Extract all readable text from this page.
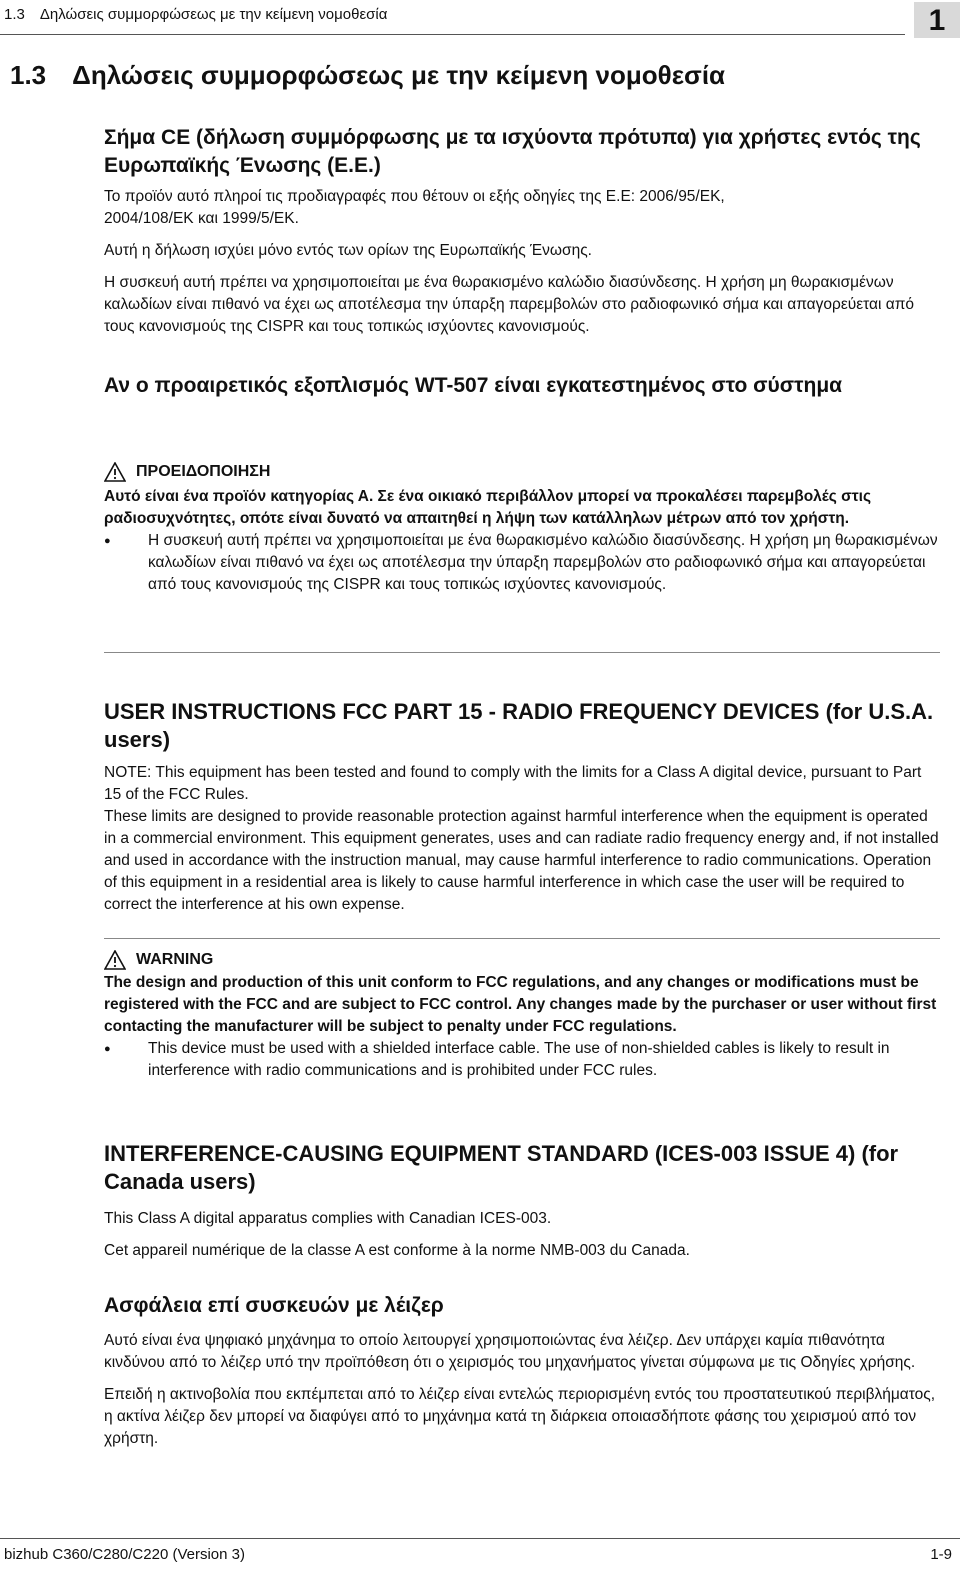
1.3 Δηλώσεις συμμορφώσεως με την κείμενη νομοθεσία	1
1.3 Δηλώσεις συμμορφώσεως με την κείμενη νομοθεσία
Σήμα CE (δήλωση συμμόρφωσης με τα ισχύοντα πρότυπα) για χρήστες εντός της Ευρωπαϊκής Ένωσης (Ε.Ε.)

Το προϊόν αυτό πληροί τις προδιαγραφές που θέτουν οι εξής οδηγίες της Ε.Ε: 2006/95/ΕΚ, 2004/108/ΕΚ και 1999/5/ΕΚ.

Αυτή η δήλωση ισχύει μόνο εντός των ορίων της Ευρωπαϊκής Ένωσης.

Η συσκευή αυτή πρέπει να χρησιμοποιείται με ένα θωρακισμένο καλώδιο διασύνδεσης. Η χρήση μη θωρακισμένων καλωδίων είναι πιθανό να έχει ως αποτέλεσμα την ύπαρξη παρεμβολών στο ραδιοφωνικό σήμα και απαγορεύεται από τους κανονισμούς της CISPR και τους τοπικώς ισχύοντες κανονισμούς.

Αν ο προαιρετικός εξοπλισμός WT-507 είναι εγκατεστημένος στο σύστημα
ΠΡΟΕΙΔΟΠΟΙΗΣΗ
Αυτό είναι ένα προϊόν κατηγορίας Α. Σε ένα οικιακό περιβάλλον μπορεί να προκαλέσει παρεμβολές στις ραδιοσυχνότητες, οπότε είναι δυνατό να απαιτηθεί η λήψη των κατάλληλων μέτρων από τον χρήστη.
● Η συσκευή αυτή πρέπει να χρησιμοποιείται με ένα θωρακισμένο καλώδιο διασύνδεσης. Η χρήση μη θωρακισμένων καλωδίων είναι πιθανό να έχει ως αποτέλεσμα την ύπαρξη παρεμβολών στο ραδιοφωνικό σήμα και απαγορεύεται από τους κανονισμούς της CISPR και τους τοπικώς ισχύοντες κανονισμούς.
USER INSTRUCTIONS FCC PART 15 - RADIO FREQUENCY DEVICES (for U.S.A. users)

NOTE: This equipment has been tested and found to comply with the limits for a Class A digital device, pursuant to Part 15 of the FCC Rules.

These limits are designed to provide reasonable protection against harmful interference when the equipment is operated in a commercial environment. This equipment generates, uses and can radiate radio frequency energy and, if not installed and used in accordance with the instruction manual, may cause harmful interference to radio communications. Operation of this equipment in a residential area is likely to cause harmful interference in which case the user will be required to correct the interference at his own expense.

WARNING
The design and production of this unit conform to FCC regulations, and any changes or modifications must be registered with the FCC and are subject to FCC control. Any changes made by the purchaser or user without first contacting the manufacturer will be subject to penalty under FCC regulations.
● This device must be used with a shielded interface cable. The use of non-shielded cables is likely to result in interference with radio communications and is prohibited under FCC rules.
INTERFERENCE-CAUSING EQUIPMENT STANDARD (ICES-003 ISSUE 4) (for Canada users)

This Class A digital apparatus complies with Canadian ICES-003.

Cet appareil numérique de la classe A est conforme à la norme NMB-003 du Canada.

Ασφάλεια επί συσκευών με λέιζερ

Αυτό είναι ένα ψηφιακό μηχάνημα το οποίο λειτουργεί χρησιμοποιώντας ένα λέιζερ. Δεν υπάρχει καμία πιθανότητα κινδύνου από το λέιζερ υπό την προϊπόθεση ότι ο χειρισμός του μηχανήματος γίνεται σύμφωνα με τις Οδηγίες χρήσης.

Επειδή η ακτινοβολία που εκπέμπεται από το λέιζερ είναι εντελώς περιορισμένη εντός του προστατευτικού περιβλήματος, η ακτίνα λέιζερ δεν μπορεί να διαφύγει από το μηχάνημα κατά τη διάρκεια οποιασδήποτε φάσης του χειρισμού από τον χρήστη.

bizhub C360/C280/C220 (Version 3)	1-9
